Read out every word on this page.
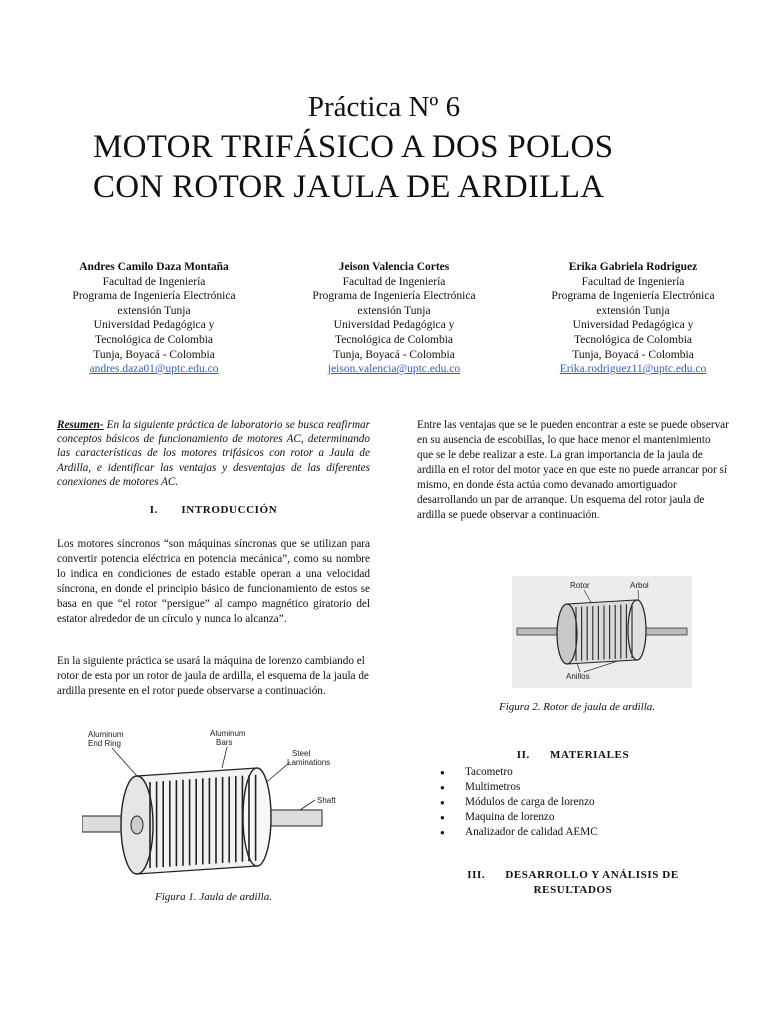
Práctica Nº 6
MOTOR TRIFÁSICO A DOS POLOS
CON ROTOR JAULA DE ARDILLA
Andres Camilo Daza Montaña
Facultad de Ingeniería
Programa de Ingeniería Electrónica
extensión Tunja
Universidad Pedagógica y
Tecnológica de Colombia
Tunja, Boyacá - Colombia
andres.daza01@uptc.edu.co
Jeison Valencia Cortes
Facultad de Ingeniería
Programa de Ingeniería Electrónica
extensión Tunja
Universidad Pedagógica y
Tecnológica de Colombia
Tunja, Boyacá - Colombia
jeison.valencia@uptc.edu.co
Erika Gabriela Rodriguez
Facultad de Ingeniería
Programa de Ingeniería Electrónica
extensión Tunja
Universidad Pedagógica y
Tecnológica de Colombia
Tunja, Boyacá - Colombia
Erika.rodriguez11@uptc.edu.co
Resumen- En la siguiente práctica de laboratorio se busca reafirmar conceptos básicos de funcionamiento de motores AC, determinando las características de los motores trifásicos con rotor a Jaula de Ardilla, e identificar las ventajas y desventajas de las diferentes conexiones de motores AC.
I. INTRODUCCIÓN
Los motores síncronos “son máquinas síncronas que se utilizan para convertir potencia eléctrica en potencia mecánica”, como su nombre lo indica en condiciones de estado estable operan a una velocidad síncrona, en donde el principio básico de funcionamiento de estos se basa en que “el rotor “persigue” al campo magnético giratorio del estator alrededor de un círculo y nunca lo alcanza”.
En la siguiente práctica se usará la máquina de lorenzo cambiando el rotor de esta por un rotor de jaula de ardilla, el esquema de la jaula de ardilla presente en el rotor puede observarse a continuación.
Aluminum
End Ring
Aluminum
Bars
Steel
Laminations
Shaft
Figura 1. Jaula de ardilla.
Entre las ventajas que se le pueden encontrar a este se puede observar en su ausencia de escobillas, lo que hace menor el mantenimiento que se le debe realizar a este. La gran importancia de la jaula de ardilla en el rotor del motor yace en que este no puede arrancar por sí mismo, en donde ésta actúa como devanado amortiguador desarrollando un par de arranque. Un esquema del rotor jaula de ardilla se puede observar a continuación.
Rotor	Arbol
Anillos
Figura 2. Rotor de jaula de ardilla.
II. MATERIALES
● Tacometro
● Multimetros
● Módulos de carga de lorenzo
● Maquina de lorenzo
● Analizador de calidad AEMC
III. DESARROLLO Y ANÁLISIS DE
RESULTADOS
